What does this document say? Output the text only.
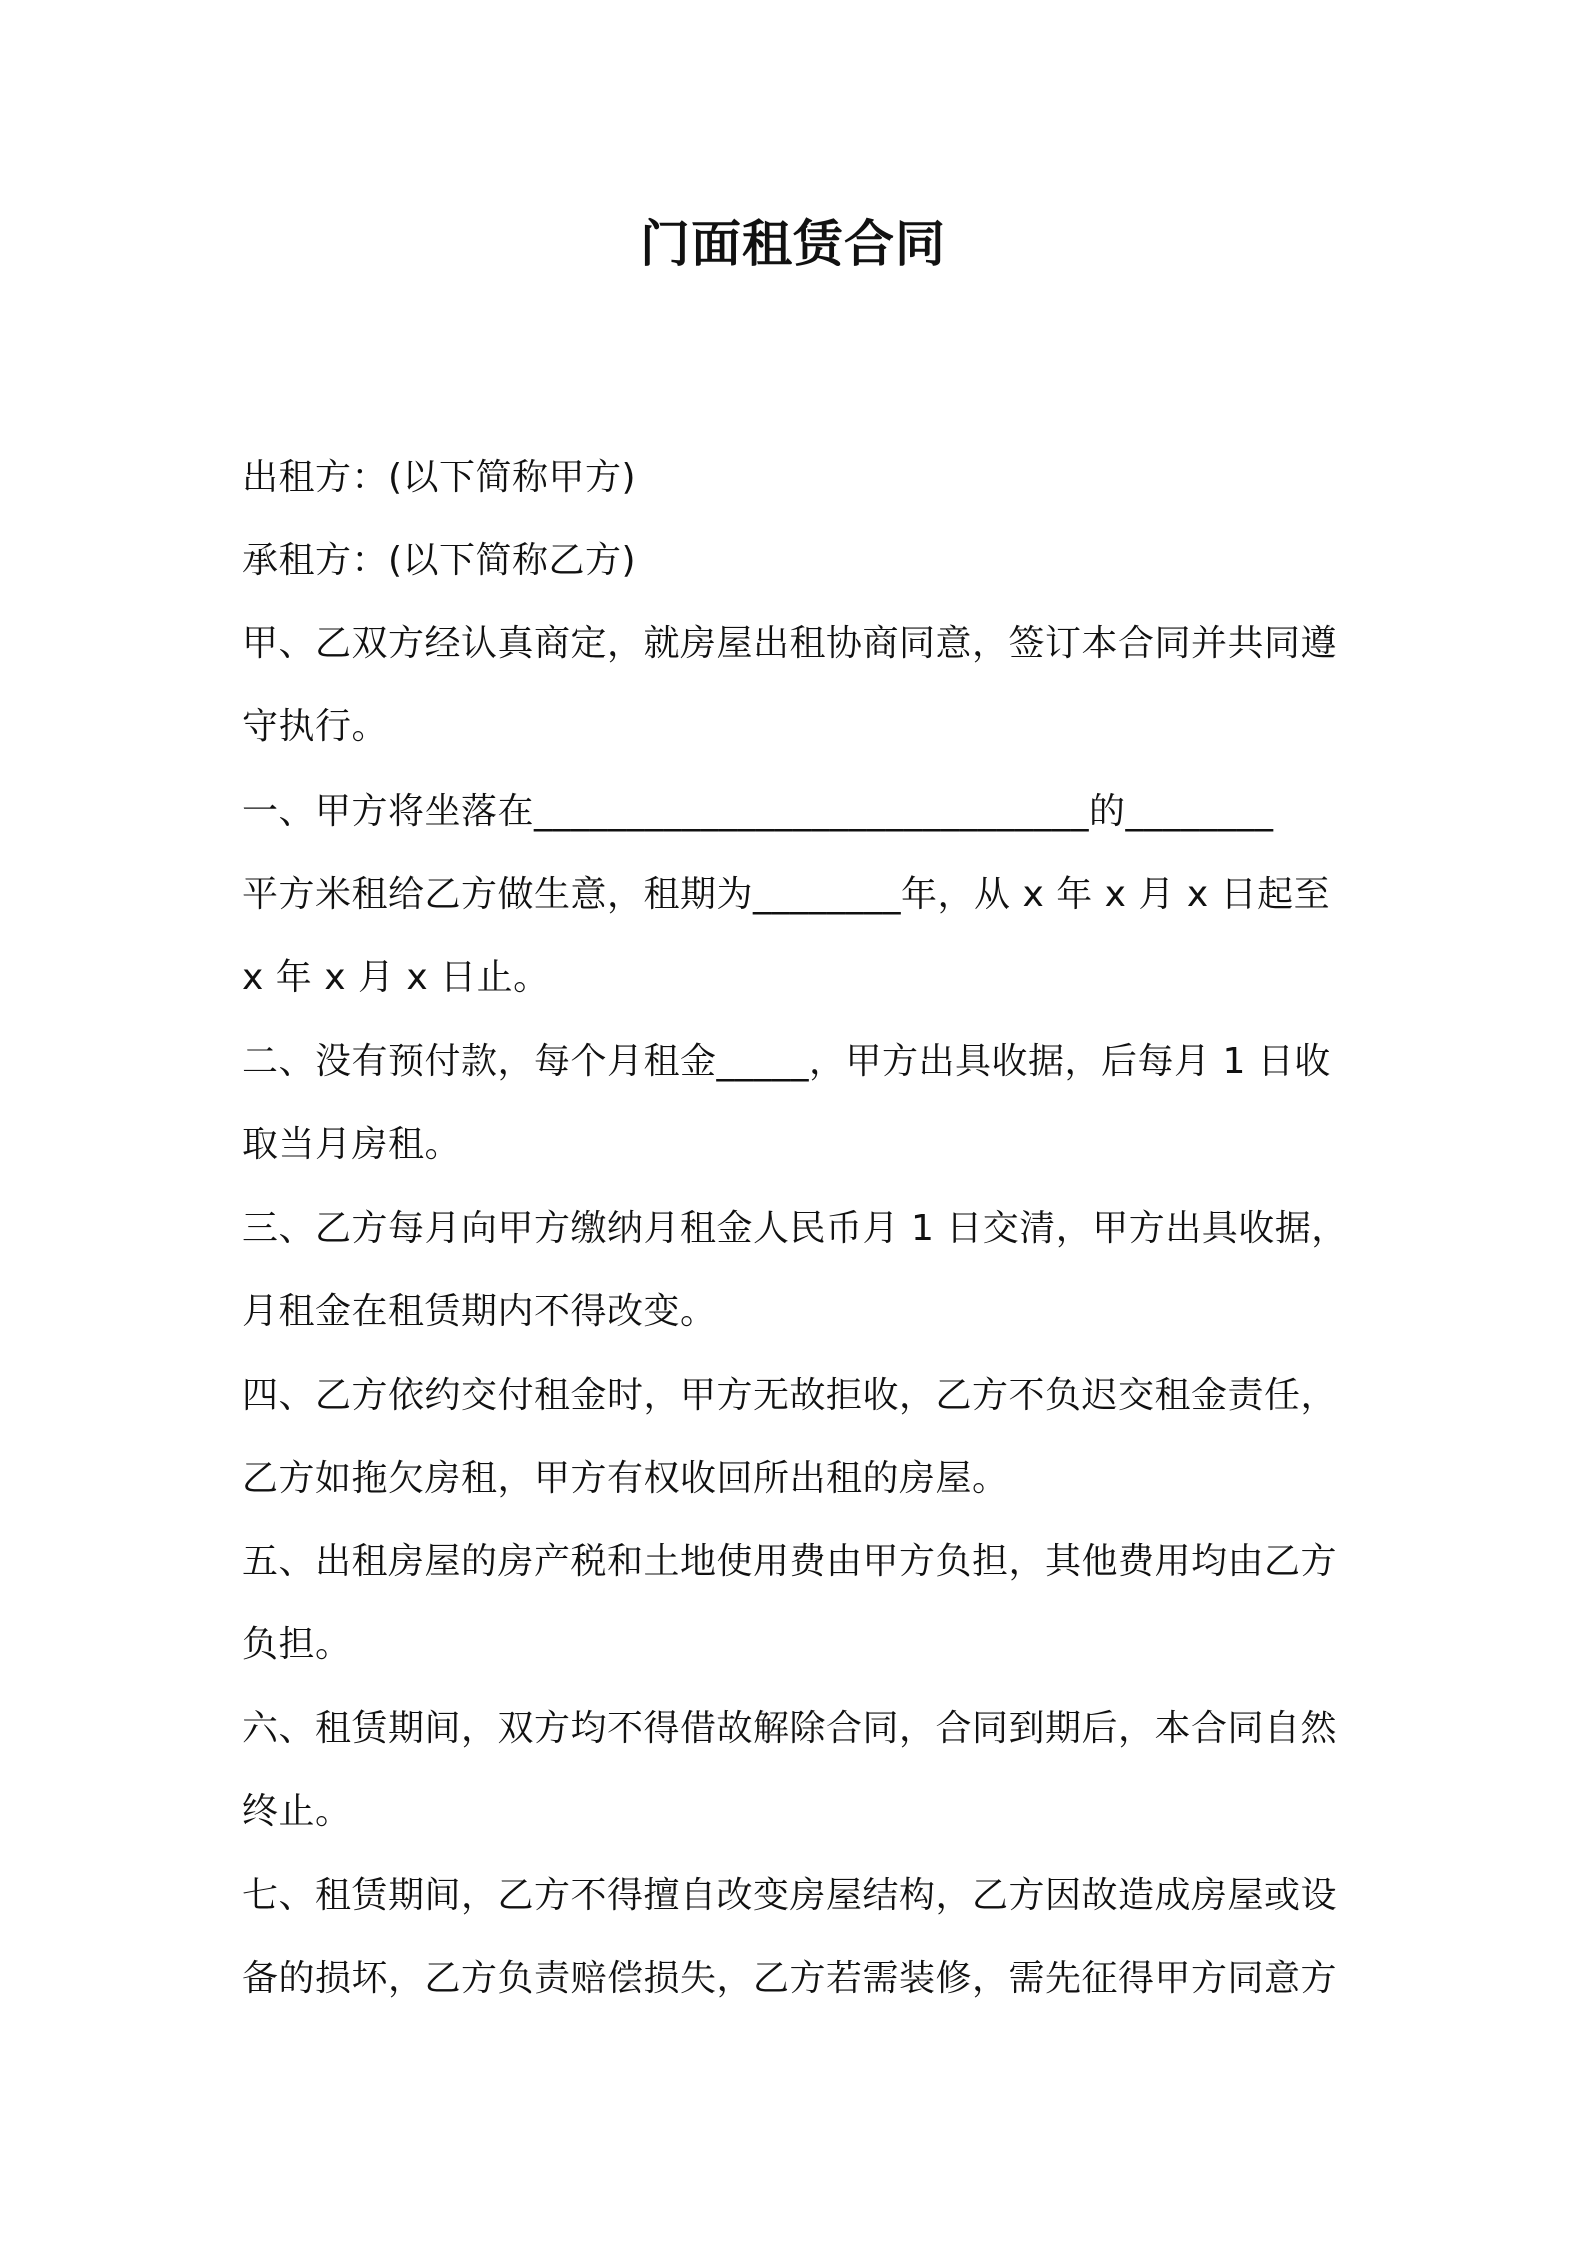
门面租赁合同
出租方：(以下简称甲方)
承租方：(以下简称乙方)
甲、乙双方经认真商定，就房屋出租协商同意，签订本合同并共同遵
守执行。
一、甲方将坐落在______________________________的________
平方米租给乙方做生意，租期为________年，从 x 年 x 月 x 日起至
x 年 x 月 x 日止。
二、没有预付款，每个月租金_____，甲方出具收据，后每月 1 日收
取当月房租。
三、乙方每月向甲方缴纳月租金人民币月 1 日交清，甲方出具收据，
月租金在租赁期内不得改变。
四、乙方依约交付租金时，甲方无故拒收，乙方不负迟交租金责任，
乙方如拖欠房租，甲方有权收回所出租的房屋。
五、出租房屋的房产税和土地使用费由甲方负担，其他费用均由乙方
负担。
六、租赁期间，双方均不得借故解除合同，合同到期后，本合同自然
终止。
七、租赁期间，乙方不得擅自改变房屋结构，乙方因故造成房屋或设
备的损坏，乙方负责赔偿损失，乙方若需装修，需先征得甲方同意方
